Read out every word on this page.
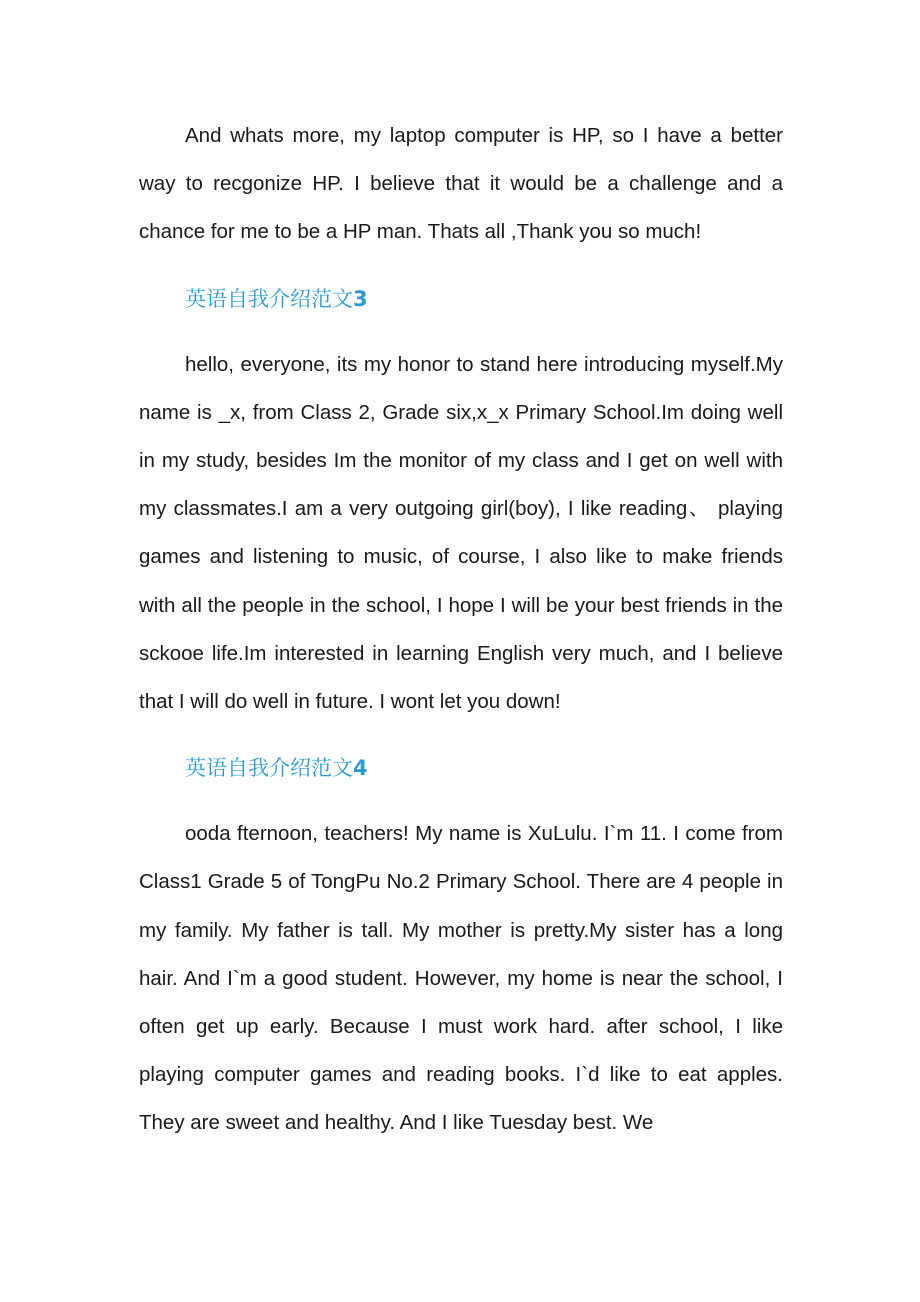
And whats more, my laptop computer is HP, so I have a better way to recgonize HP. I believe that it would be a challenge and a chance for me to be a HP man. Thats all ,Thank you so much!

英语自我介绍范文3

hello, everyone, its my honor to stand here introducing myself.My name is _x, from Class 2, Grade six,x_x Primary School.Im doing well in my study, besides Im the monitor of my class and I get on well with my classmates.I am a very outgoing girl(boy), I like reading、 playing games and listening to music, of course, I also like to make friends with all the people in the school, I hope I will be your best friends in the sckooe life.Im interested in learning English very much, and I believe that I will do well in future. I wont let you down!

英语自我介绍范文4

ooda fternoon, teachers! My name is XuLulu. I`m 11. I come from Class1 Grade 5 of TongPu No.2 Primary School. There are 4 people in my family. My father is tall. My mother is pretty.My sister has a long hair. And I`m a good student. However, my home is near the school, I often get up early. Because I must work hard. after school, I like playing computer games and reading books. I`d like to eat apples. They are sweet and healthy. And I like Tuesday best. We
